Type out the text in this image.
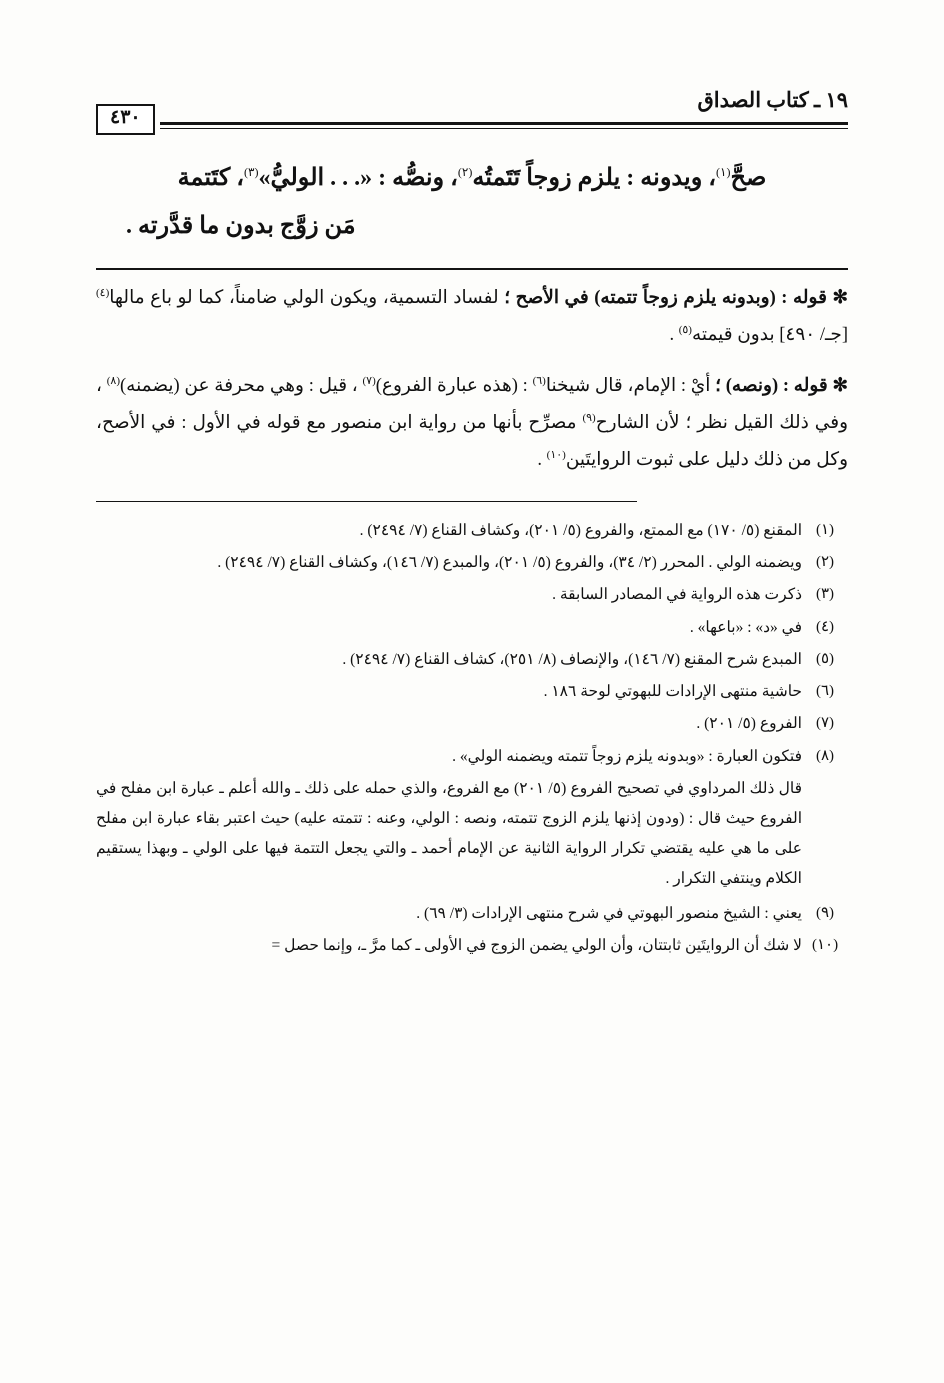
١٩ ـ كتاب الصداق
٤٣٠
صحَّ$^{(١)}$، ويدونه : يلزم زوجاً تَتَمتُه$^{(٢)}$، ونصُّه : «. . . الوليُّ»$^{(٣)}$، كتَتمة
مَن زوَّج بدون ما قدَّرته .

✻ قوله : (وبدونه يلزم زوجاً تتمته) في الأصح ؛ لفساد التسمية، ويكون الولي ضامناً، كما لو باع مالها$^{(٤)}$ [جـ/ ٤٩٠] بدون قيمته$^{(٥)}$ .

✻ قوله : (ونصه) ؛ أيْ : الإمام، قال شيخنا$^{(٦)}$ : (هذه عبارة الفروع)$^{(٧)}$ ، قيل : وهي محرفة عن (يضمنه)$^{(٨)}$ ، وفي ذلك القيل نظر ؛ لأن الشارح$^{(٩)}$ مصرِّح بأنها من رواية ابن منصور مع قوله في الأول : في الأصح، وكل من ذلك دليل على ثبوت الروايتَين$^{(١٠)}$ .

(١)
المقنع (٥/ ١٧٠) مع الممتع، والفروع (٥/ ٢٠١)، وكشاف القناع (٧/ ٢٤٩٤) .
(٢)
ويضمنه الولي . المحرر (٢/ ٣٤)، والفروع (٥/ ٢٠١)، والمبدع (٧/ ١٤٦)، وكشاف القناع (٧/ ٢٤٩٤) .
(٣)
ذكرت هذه الرواية في المصادر السابقة .
(٤)
في «د» : «باعها» .
(٥)
المبدع شرح المقنع (٧/ ١٤٦)، والإنصاف (٨/ ٢٥١)، كشاف القناع (٧/ ٢٤٩٤) .
(٦)
حاشية منتهى الإرادات للبهوتي لوحة ١٨٦ .
(٧)
الفروع (٥/ ٢٠١) .
(٨)
فتكون العبارة : «وبدونه يلزم زوجاً تتمته ويضمنه الولي» .
قال ذلك المرداوي في تصحيح الفروع (٥/ ٢٠١) مع الفروع، والذي حمله على ذلك ـ والله أعلم ـ عبارة ابن مفلح في الفروع حيث قال : (ودون إذنها يلزم الزوج تتمته، ونصه : الولي، وعنه : تتمته عليه) حيث اعتبر بقاء عبارة ابن مفلح على ما هي عليه يقتضي تكرار الرواية الثانية عن الإمام أحمد ـ والتي يجعل التتمة فيها على الولي ـ وبهذا يستقيم الكلام وينتفي التكرار .
(٩)
يعني : الشيخ منصور البهوتي في شرح منتهى الإرادات (٣/ ٦٩) .
(١٠)
لا شك أن الروايتَين ثابتتان، وأن الولي يضمن الزوج في الأولى ـ كما مرَّ ـ، وإنما حصل =
